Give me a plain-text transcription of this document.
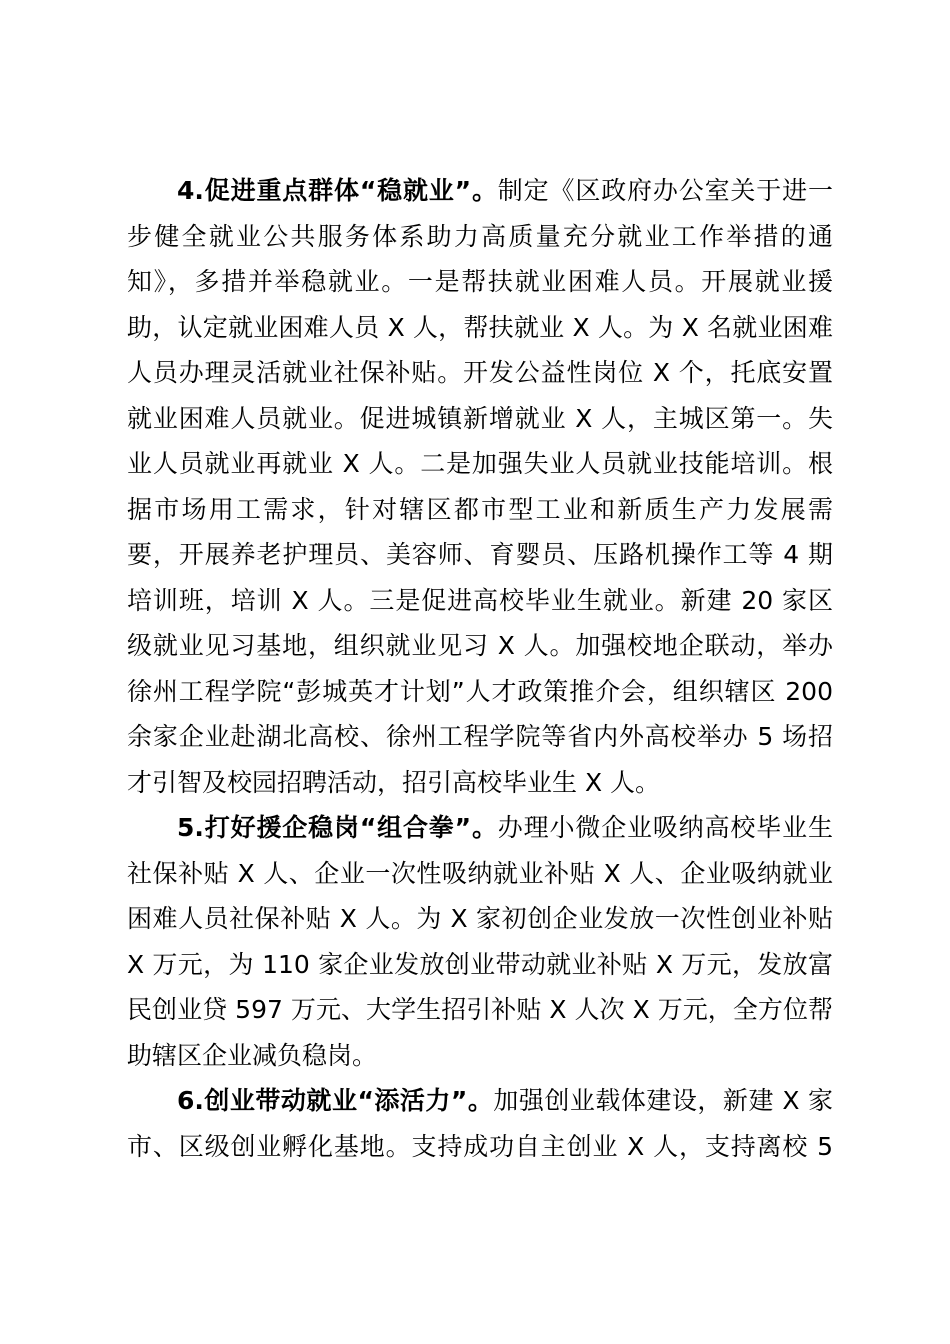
4.促进重点群体“稳就业”。制定《区政府办公室关于进一
步健全就业公共服务体系助力高质量充分就业工作举措的通
知》，多措并举稳就业。一是帮扶就业困难人员。开展就业援
助，认定就业困难人员 X 人，帮扶就业 X 人。为 X 名就业困难
人员办理灵活就业社保补贴。开发公益性岗位 X 个，托底安置
就业困难人员就业。促进城镇新增就业 X 人，主城区第一。失
业人员就业再就业 X 人。二是加强失业人员就业技能培训。根
据市场用工需求，针对辖区都市型工业和新质生产力发展需
要，开展养老护理员、美容师、育婴员、压路机操作工等 4 期
培训班，培训 X 人。三是促进高校毕业生就业。新建 20 家区
级就业见习基地，组织就业见习 X 人。加强校地企联动，举办
徐州工程学院“彭城英才计划”人才政策推介会，组织辖区 200
余家企业赴湖北高校、徐州工程学院等省内外高校举办 5 场招
才引智及校园招聘活动，招引高校毕业生 X 人。
5.打好援企稳岗“组合拳”。办理小微企业吸纳高校毕业生
社保补贴 X 人、企业一次性吸纳就业补贴 X 人、企业吸纳就业
困难人员社保补贴 X 人。为 X 家初创企业发放一次性创业补贴
X 万元，为 110 家企业发放创业带动就业补贴 X 万元，发放富
民创业贷 597 万元、大学生招引补贴 X 人次 X 万元，全方位帮
助辖区企业减负稳岗。
6.创业带动就业“添活力”。加强创业载体建设，新建 X 家
市、区级创业孵化基地。支持成功自主创业 X 人，支持离校 5
